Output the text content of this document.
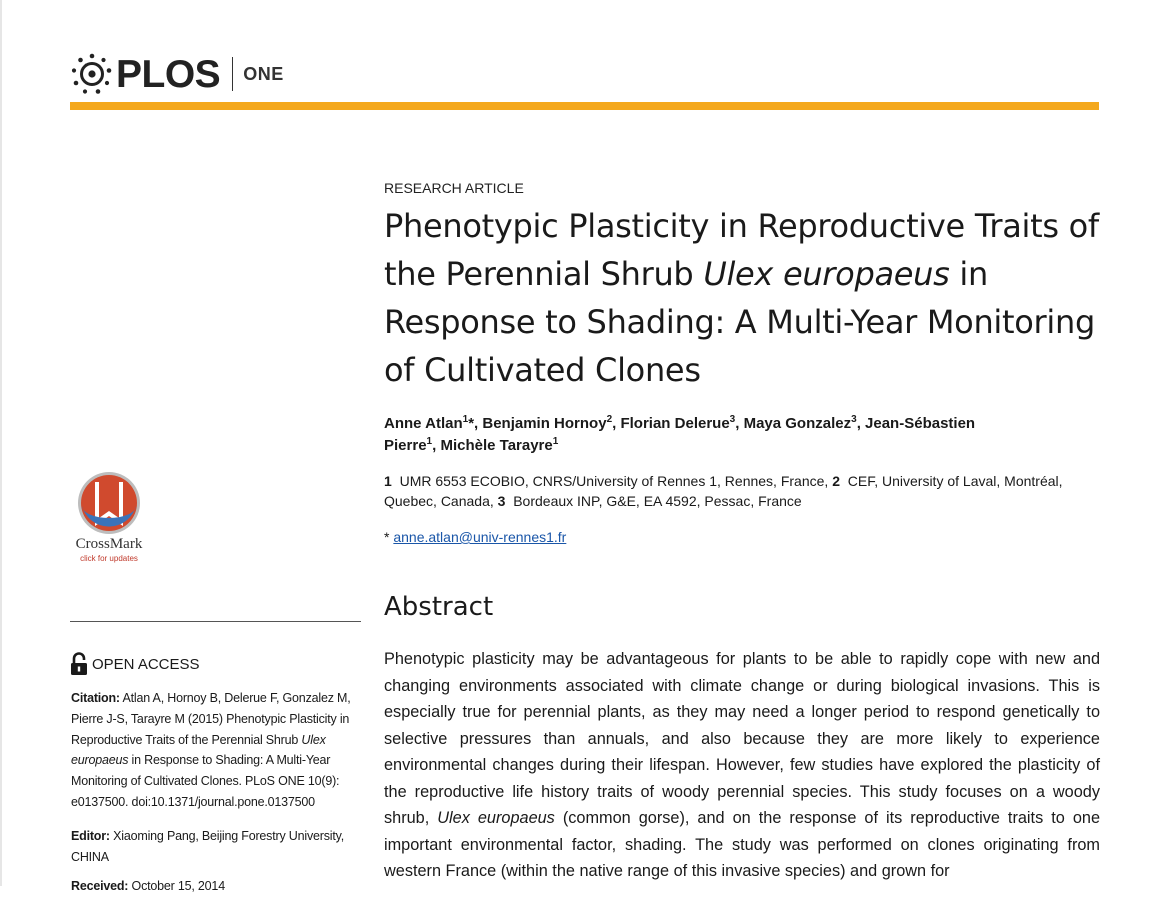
PLOS ONE
RESEARCH ARTICLE
Phenotypic Plasticity in Reproductive Traits of the Perennial Shrub Ulex europaeus in Response to Shading: A Multi-Year Monitoring of Cultivated Clones
Anne Atlan$^1$*, Benjamin Hornoy$^2$, Florian Delerue$^3$, Maya Gonzalez$^3$, Jean-Sébastien Pierre$^1$, Michèle Tarayre$^1$
1 UMR 6553 ECOBIO, CNRS/University of Rennes 1, Rennes, France, 2 CEF, University of Laval, Montréal, Quebec, Canada, 3 Bordeaux INP, G&E, EA 4592, Pessac, France
* anne.atlan@univ-rennes1.fr
Abstract

Phenotypic plasticity may be advantageous for plants to be able to rapidly cope with new and changing environments associated with climate change or during biological invasions. This is especially true for perennial plants, as they may need a longer period to respond genetically to selective pressures than annuals, and also because they are more likely to experience environmental changes during their lifespan. However, few studies have explored the plasticity of the reproductive life history traits of woody perennial species. This study focuses on a woody shrub, Ulex europaeus (common gorse), and on the response of its reproductive traits to one important environmental factor, shading. The study was performed on clones originating from western France (within the native range of this invasive species) and grown for

CrossMark
click for updates
OPEN ACCESS
Citation: Atlan A, Hornoy B, Delerue F, Gonzalez M, Pierre J-S, Tarayre M (2015) Phenotypic Plasticity in Reproductive Traits of the Perennial Shrub Ulex europaeus in Response to Shading: A Multi-Year Monitoring of Cultivated Clones. PLoS ONE 10(9): e0137500. doi:10.1371/journal.pone.0137500
Editor: Xiaoming Pang, Beijing Forestry University, CHINA
Received: October 15, 2014
